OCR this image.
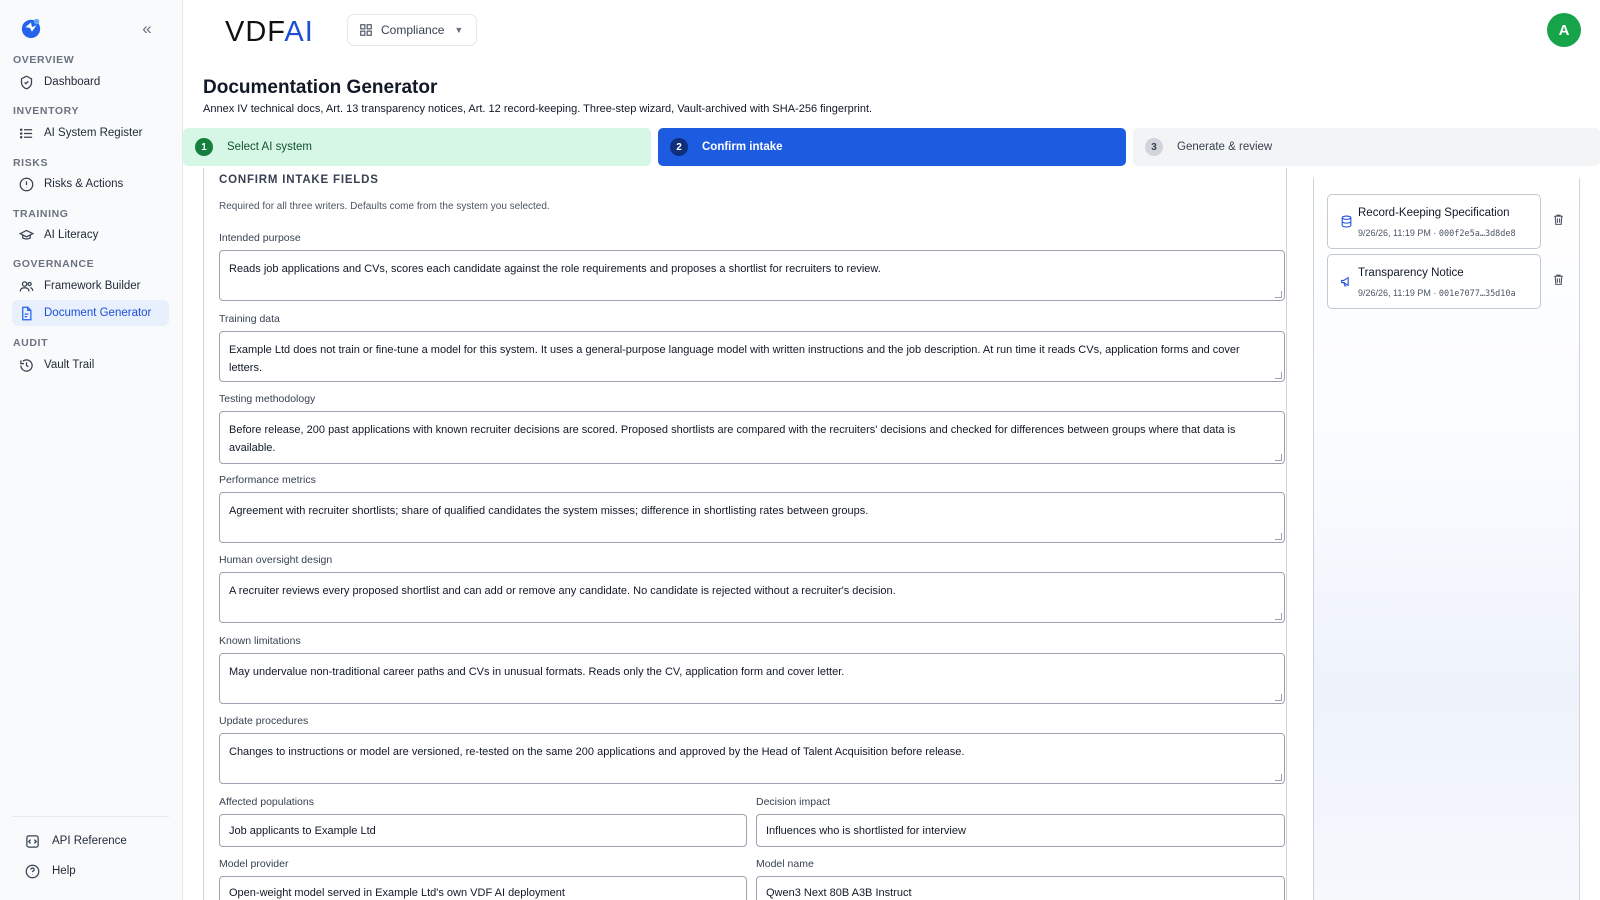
«
OVERVIEW
Dashboard
INVENTORY
AI System Register
RISKS
Risks & Actions
TRAINING
AI Literacy
GOVERNANCE
Framework Builder
Document Generator
AUDIT
Vault Trail
API Reference
Help
VDFAI	Compliance ▼	A
Documentation Generator

Annex IV technical docs, Art. 13 transparency notices, Art. 12 record-keeping. Three-step wizard, Vault-archived with SHA-256 fingerprint.

1	Select AI system	2	Confirm intake	3	Generate & review
CONFIRM INTAKE FIELDS
Required for all three writers. Defaults come from the system you selected.
Intended purpose
Reads job applications and CVs, scores each candidate against the role requirements and proposes a shortlist for recruiters to review.
Training data
Example Ltd does not train or fine-tune a model for this system. It uses a general-purpose language model with written instructions and the job description. At run time it reads CVs, application forms and cover letters.
Testing methodology
Before release, 200 past applications with known recruiter decisions are scored. Proposed shortlists are compared with the recruiters' decisions and checked for differences between groups where that data is available.
Performance metrics
Agreement with recruiter shortlists; share of qualified candidates the system misses; difference in shortlisting rates between groups.
Human oversight design
A recruiter reviews every proposed shortlist and can add or remove any candidate. No candidate is rejected without a recruiter's decision.
Known limitations
May undervalue non-traditional career paths and CVs in unusual formats. Reads only the CV, application form and cover letter.
Update procedures
Changes to instructions or model are versioned, re-tested on the same 200 applications and approved by the Head of Talent Acquisition before release.
Affected populations
Job applicants to Example Ltd
Decision impact
Influences who is shortlisted for interview
Model provider
Open-weight model served in Example Ltd's own VDF AI deployment
Model name
Qwen3 Next 80B A3B Instruct
Record-Keeping Specification
9/26/26, 11:19 PM · 000f2e5a…3d8de8
Transparency Notice
9/26/26, 11:19 PM · 001e7077…35d10a
